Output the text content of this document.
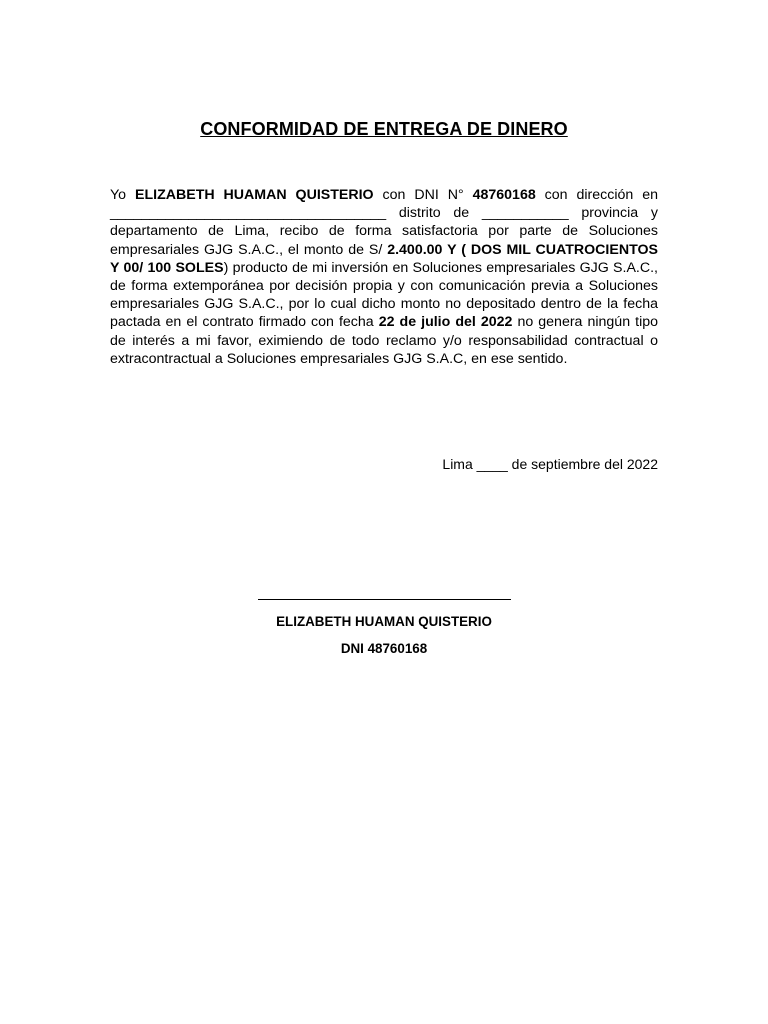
CONFORMIDAD DE ENTREGA DE DINERO
Yo ELIZABETH HUAMAN QUISTERIO con DNI N° 48760168 con dirección en ___________________________________ distrito de ___________ provincia y departamento de Lima, recibo de forma satisfactoria por parte de Soluciones empresariales GJG S.A.C., el monto de S/ 2.400.00 Y ( DOS MIL CUATROCIENTOS Y 00/ 100 SOLES) producto de mi inversión en Soluciones empresariales GJG S.A.C., de forma extemporánea por decisión propia y con comunicación previa a Soluciones empresariales GJG S.A.C., por lo cual dicho monto no depositado dentro de la fecha pactada en el contrato firmado con fecha 22 de julio del 2022 no genera ningún tipo de interés a mi favor, eximiendo de todo reclamo y/o responsabilidad contractual o extracontractual a Soluciones empresariales GJG S.A.C, en ese sentido.
Lima ____ de septiembre del 2022
ELIZABETH HUAMAN QUISTERIO
DNI 48760168
